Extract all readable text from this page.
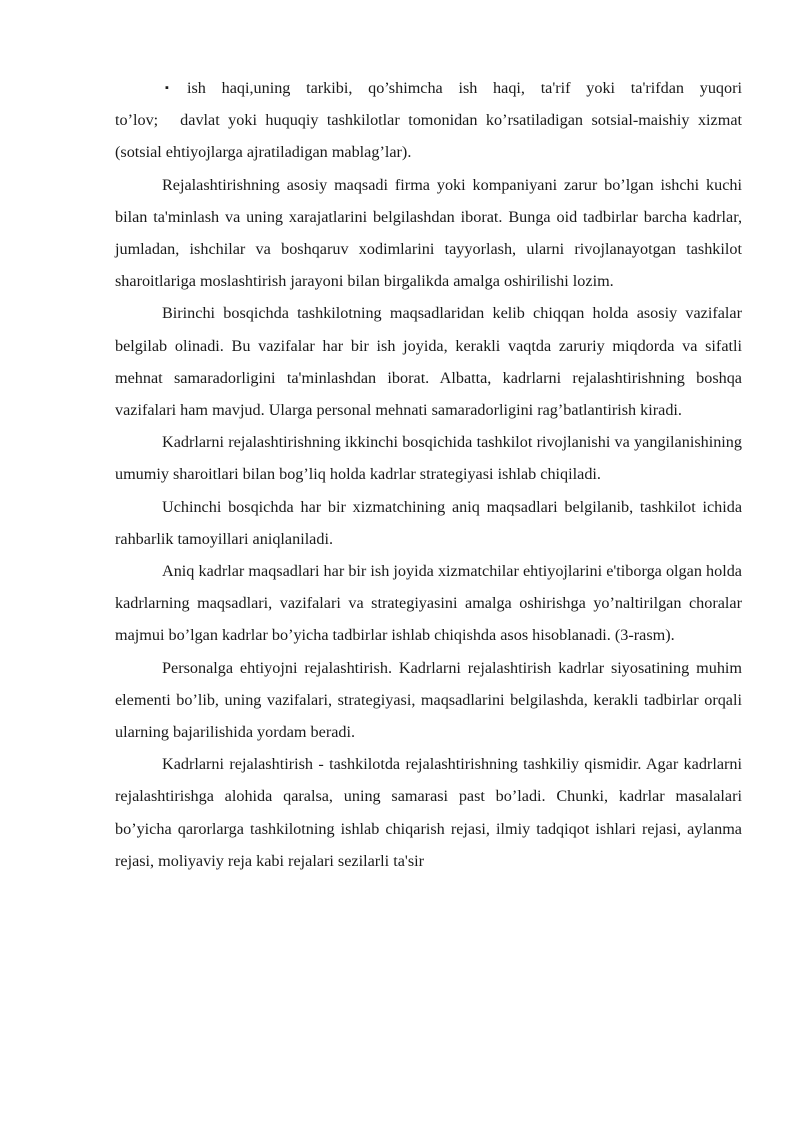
▪ ish haqi,uning tarkibi, qo’shimcha ish haqi, ta'rif yoki ta'rifdan yuqori

to’lov; davlat yoki huquqiy tashkilotlar tomonidan ko’rsatiladigan sotsial-maishiy xizmat (sotsial ehtiyojlarga ajratiladigan mablag’lar).

Rejalashtirishning asosiy maqsadi firma yoki kompaniyani zarur bo’lgan ishchi kuchi bilan ta'minlash va uning xarajatlarini belgilashdan iborat. Bunga oid tadbirlar barcha kadrlar, jumladan, ishchilar va boshqaruv xodimlarini tayyorlash, ularni rivojlanayotgan tashkilot sharoitlariga moslashtirish jarayoni bilan birgalikda amalga oshirilishi lozim.

Birinchi bosqichda tashkilotning maqsadlaridan kelib chiqqan holda asosiy vazifalar belgilab olinadi. Bu vazifalar har bir ish joyida, kerakli vaqtda zaruriy miqdorda va sifatli mehnat samaradorligini ta'minlashdan iborat. Albatta, kadrlarni rejalashtirishning boshqa vazifalari ham mavjud. Ularga personal mehnati samaradorligini rag’batlantirish kiradi.

Kadrlarni rejalashtirishning ikkinchi bosqichida tashkilot rivojlanishi va yangilanishining umumiy sharoitlari bilan bog’liq holda kadrlar strategiyasi ishlab chiqiladi.

Uchinchi bosqichda har bir xizmatchining aniq maqsadlari belgilanib, tashkilot ichida rahbarlik tamoyillari aniqlaniladi.

Aniq kadrlar maqsadlari har bir ish joyida xizmatchilar ehtiyojlarini e'tiborga olgan holda kadrlarning maqsadlari, vazifalari va strategiyasini amalga oshirishga yo’naltirilgan choralar majmui bo’lgan kadrlar bo’yicha tadbirlar ishlab chiqishda asos hisoblanadi. (3-rasm).

Personalga ehtiyojni rejalashtirish. Kadrlarni rejalashtirish kadrlar siyosatining muhim elementi bo’lib, uning vazifalari, strategiyasi, maqsadlarini belgilashda, kerakli tadbirlar orqali ularning bajarilishida yordam beradi.

Kadrlarni rejalashtirish - tashkilotda rejalashtirishning tashkiliy qismidir. Agar kadrlarni rejalashtirishga alohida qaralsa, uning samarasi past bo’ladi. Chunki, kadrlar masalalari bo’yicha qarorlarga tashkilotning ishlab chiqarish rejasi, ilmiy tadqiqot ishlari rejasi, aylanma rejasi, moliyaviy reja kabi rejalari sezilarli ta'sir
